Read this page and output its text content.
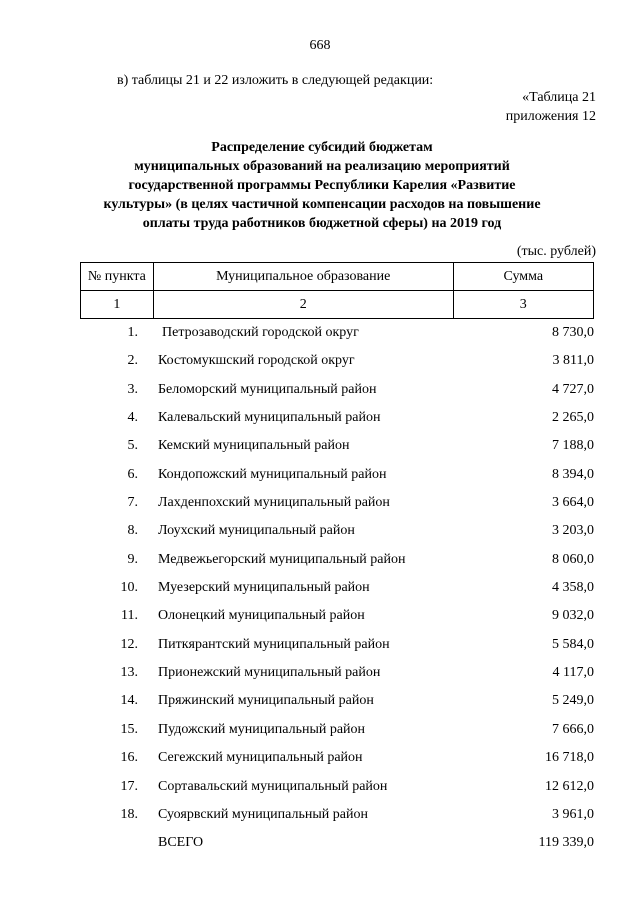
668
в) таблицы 21 и 22 изложить в следующей редакции:
«Таблица 21
приложения 12
Распределение субсидий бюджетам
муниципальных образований на реализацию мероприятий
государственной программы Республики Карелия «Развитие
культуры» (в целях частичной компенсации расходов на повышение
оплаты труда работников бюджетной сферы) на 2019 год
(тыс. рублей)
№ пункта	Муниципальное образование	Сумма
1	2	3
1. Петрозаводский городской округ	8 730,0
2. Костомукшский городской округ	3 811,0
3. Беломорский муниципальный район	4 727,0
4. Калевальский муниципальный район	2 265,0
5. Кемский муниципальный район	7 188,0
6. Кондопожский муниципальный район	8 394,0
7. Лахденпохский муниципальный район	3 664,0
8. Лоухский муниципальный район	3 203,0
9. Медвежьегорский муниципальный район	8 060,0
10. Муезерский муниципальный район	4 358,0
11. Олонецкий муниципальный район	9 032,0
12. Питкярантский муниципальный район	5 584,0
13. Прионежский муниципальный район	4 117,0
14. Пряжинский муниципальный район	5 249,0
15. Пудожский муниципальный район	7 666,0
16. Сегежский муниципальный район	16 718,0
17. Сортавальский муниципальный район	12 612,0
18. Суоярвский муниципальный район	3 961,0
ВСЕГО	119 339,0
